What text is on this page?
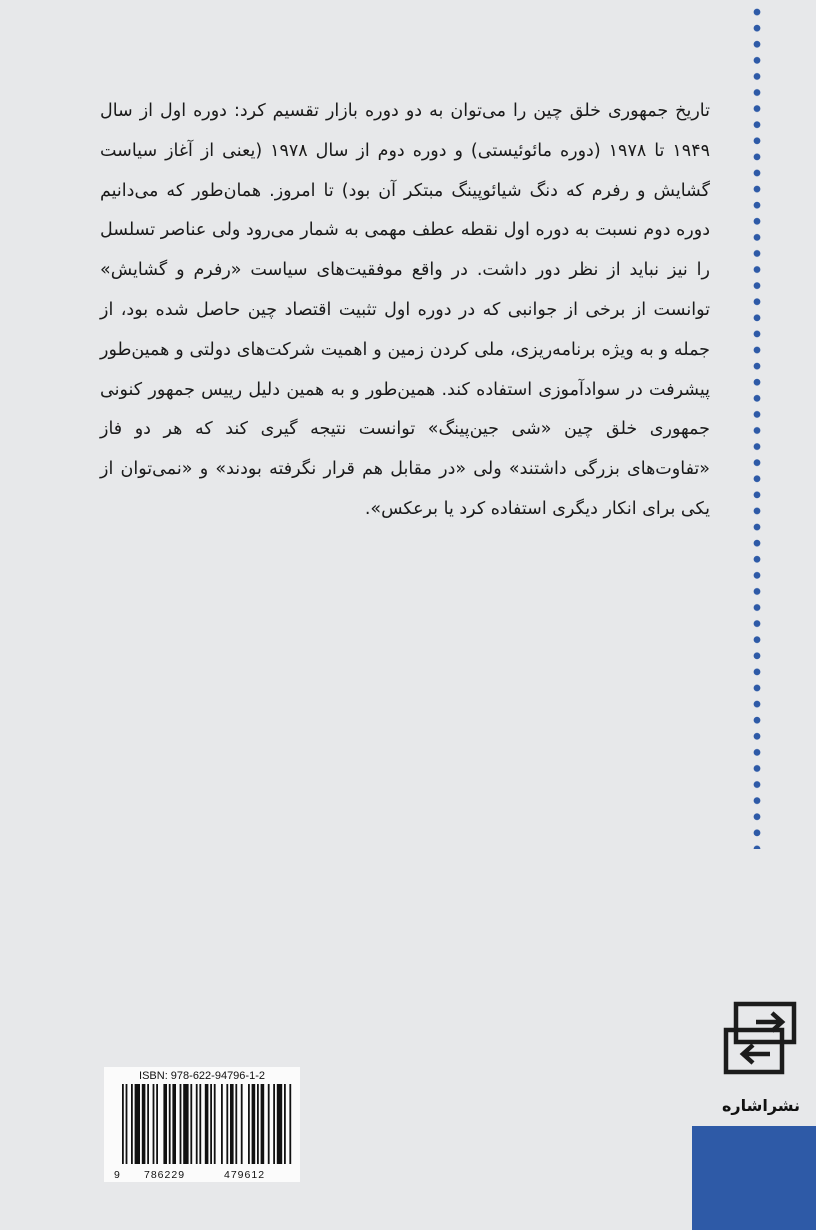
تاریخ جمهوری خلق چین را می‌توان به دو دوره بازار تقسیم کرد: دوره اول از سال ۱۹۴۹ تا ۱۹۷۸ (دوره مائوئیستی) و دوره دوم از سال ۱۹۷۸ (یعنی از آغاز سیاست گشایش و رفرم که دنگ شیائوپینگ مبتکر آن بود) تا امروز. همان‌طور که می‌دانیم دوره دوم نسبت به دوره اول نقطه عطف مهمی به شمار می‌رود ولی عناصر تسلسل را نیز نباید از نظر دور داشت. در واقع موفقیت‌های سیاست «رفرم و گشایش» توانست از برخی از جوانبی که در دوره اول تثبیت اقتصاد چین حاصل شده بود، از جمله و به ویژه برنامه‌ریزی، ملی کردن زمین و اهمیت شرکت‌های دولتی و همین‌طور پیشرفت در سوادآموزی استفاده کند. همین‌طور و به همین دلیل رییس جمهور کنونی جمهوری خلق چین «شی جین‌پینگ» توانست نتیجه گیری کند که هر دو فاز «تفاوت‌های بزرگی داشتند» ولی «در مقابل هم قرار نگرفته بودند» و «نمی‌توان از یکی برای انکار دیگری استفاده کرد یا برعکس».

نشراشاره
ISBN: 978-622-94796-1-2
9 786229	479612
